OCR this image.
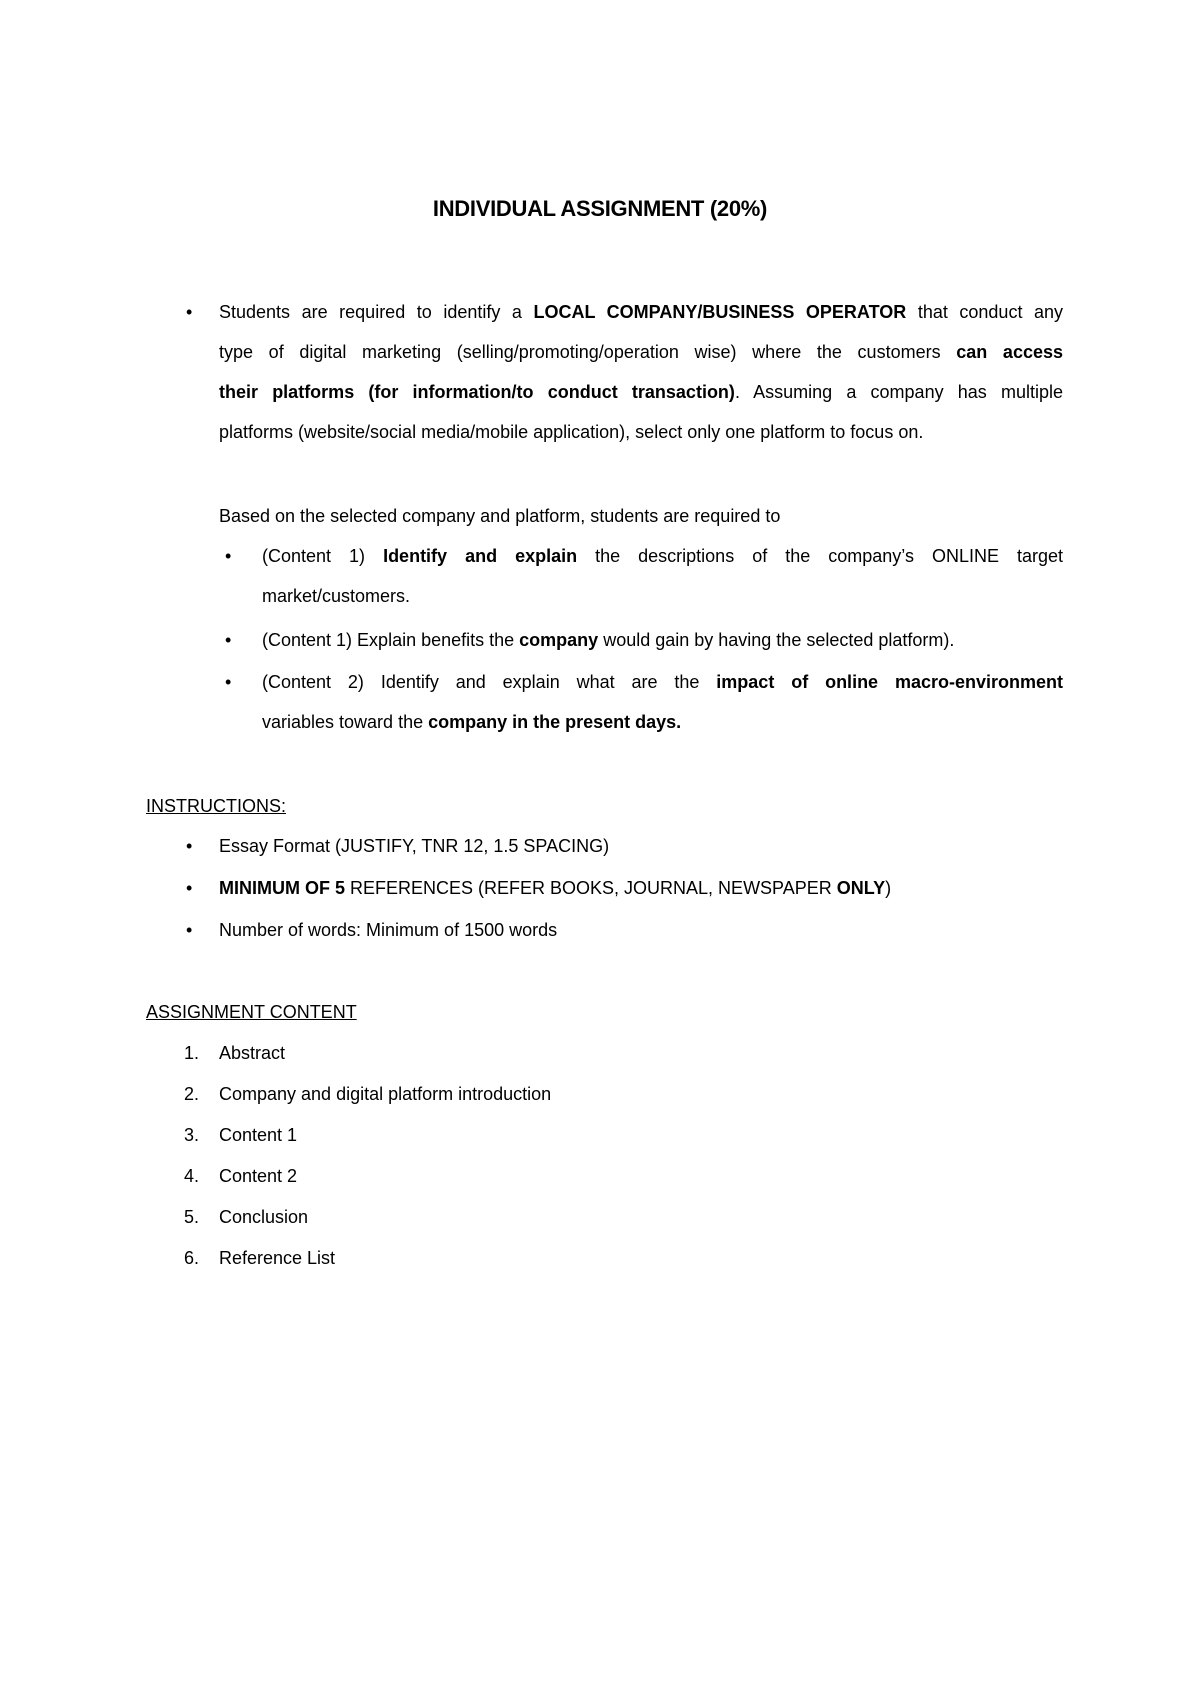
INDIVIDUAL ASSIGNMENT (20%)
• Students are required to identify a LOCAL COMPANY/BUSINESS OPERATOR that conduct any
type of digital marketing (selling/promoting/operation wise) where the customers can access
their platforms (for information/to conduct transaction). Assuming a company has multiple
platforms (website/social media/mobile application), select only one platform to focus on.
Based on the selected company and platform, students are required to
• (Content 1) Identify and explain the descriptions of the company’s ONLINE target
market/customers.
• (Content 1) Explain benefits the company would gain by having the selected platform).
• (Content 2) Identify and explain what are the impact of online macro-environment
variables toward the company in the present days.
INSTRUCTIONS:
• Essay Format (JUSTIFY, TNR 12, 1.5 SPACING)
• MINIMUM OF 5 REFERENCES (REFER BOOKS, JOURNAL, NEWSPAPER ONLY)
• Number of words: Minimum of 1500 words
ASSIGNMENT CONTENT
1.	Abstract
2.	Company and digital platform introduction
3.	Content 1
4.	Content 2
5.	Conclusion
6.	Reference List
